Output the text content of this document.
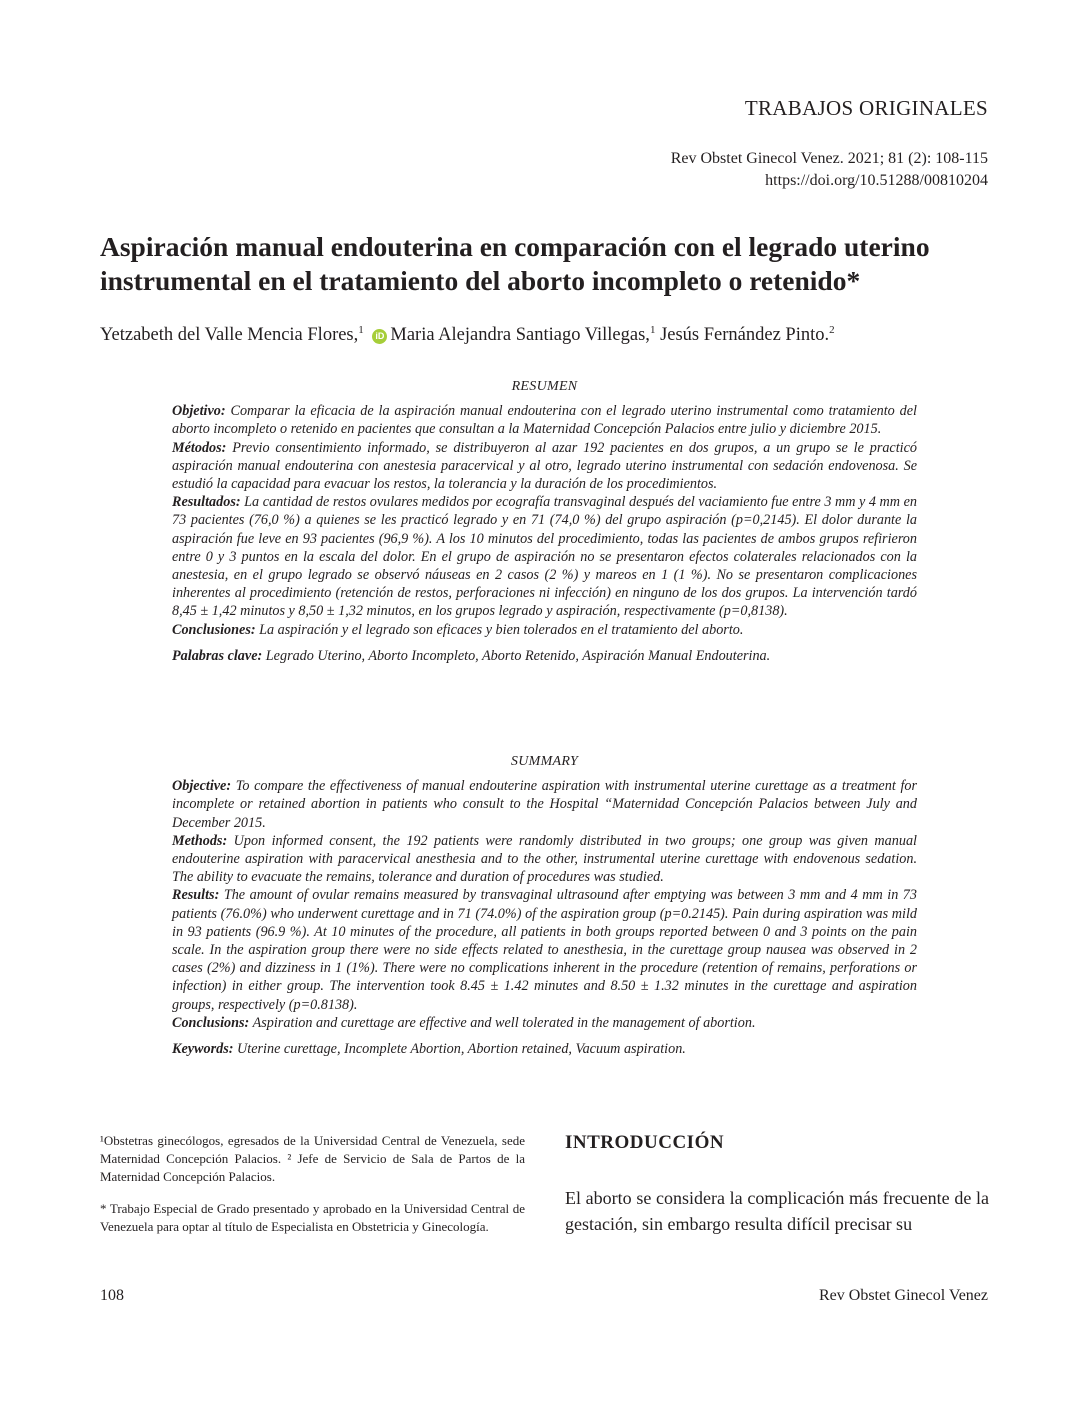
TRABAJOS ORIGINALES
Rev Obstet Ginecol Venez. 2021; 81 (2): 108-115
https://doi.org/10.51288/00810204
Aspiración manual endouterina en comparación con el legrado uterino instrumental en el tratamiento del aborto incompleto o retenido*
Yetzabeth del Valle Mencia Flores,$^1$ iD Maria Alejandra Santiago Villegas,$^1$ Jesús Fernández Pinto.$^2$

RESUMEN

Objetivo: Comparar la eficacia de la aspiración manual endouterina con el legrado uterino instrumental como tratamiento del aborto incompleto o retenido en pacientes que consultan a la Maternidad Concepción Palacios entre julio y diciembre 2015.

Métodos: Previo consentimiento informado, se distribuyeron al azar 192 pacientes en dos grupos, a un grupo se le practicó aspiración manual endouterina con anestesia paracervical y al otro, legrado uterino instrumental con sedación endovenosa. Se estudió la capacidad para evacuar los restos, la tolerancia y la duración de los procedimientos.

Resultados: La cantidad de restos ovulares medidos por ecografía transvaginal después del vaciamiento fue entre 3 mm y 4 mm en 73 pacientes (76,0 %) a quienes se les practicó legrado y en 71 (74,0 %) del grupo aspiración (p=0,2145). El dolor durante la aspiración fue leve en 93 pacientes (96,9 %). A los 10 minutos del procedimiento, todas las pacientes de ambos grupos refirieron entre 0 y 3 puntos en la escala del dolor. En el grupo de aspiración no se presentaron efectos colaterales relacionados con la anestesia, en el grupo legrado se observó náuseas en 2 casos (2 %) y mareos en 1 (1 %). No se presentaron complicaciones inherentes al procedimiento (retención de restos, perforaciones ni infección) en ninguno de los dos grupos. La intervención tardó 8,45 ± 1,42 minutos y 8,50 ± 1,32 minutos, en los grupos legrado y aspiración, respectivamente (p=0,8138).

Conclusiones: La aspiración y el legrado son eficaces y bien tolerados en el tratamiento del aborto.

Palabras clave: Legrado Uterino, Aborto Incompleto, Aborto Retenido, Aspiración Manual Endouterina.

SUMMARY

Objective: To compare the effectiveness of manual endouterine aspiration with instrumental uterine curettage as a treatment for incomplete or retained abortion in patients who consult to the Hospital “Maternidad Concepción Palacios between July and December 2015.

Methods: Upon informed consent, the 192 patients were randomly distributed in two groups; one group was given manual endouterine aspiration with paracervical anesthesia and to the other, instrumental uterine curettage with endovenous sedation. The ability to evacuate the remains, tolerance and duration of procedures was studied.

Results: The amount of ovular remains measured by transvaginal ultrasound after emptying was between 3 mm and 4 mm in 73 patients (76.0%) who underwent curettage and in 71 (74.0%) of the aspiration group (p=0.2145). Pain during aspiration was mild in 93 patients (96.9 %). At 10 minutes of the procedure, all patients in both groups reported between 0 and 3 points on the pain scale. In the aspiration group there were no side effects related to anesthesia, in the curettage group nausea was observed in 2 cases (2%) and dizziness in 1 (1%). There were no complications inherent in the procedure (retention of remains, perforations or infection) in either group. The intervention took 8.45 ± 1.42 minutes and 8.50 ± 1.32 minutes in the curettage and aspiration groups, respectively (p=0.8138).

Conclusions: Aspiration and curettage are effective and well tolerated in the management of abortion.

Keywords: Uterine curettage, Incomplete Abortion, Abortion retained, Vacuum aspiration.

¹Obstetras ginecólogos, egresados de la Universidad Central de Venezuela, sede Maternidad Concepción Palacios. ² Jefe de Servicio de Sala de Partos de la Maternidad Concepción Palacios.

* Trabajo Especial de Grado presentado y aprobado en la Universidad Central de Venezuela para optar al título de Especialista en Obstetricia y Ginecología.

INTRODUCCIÓN
El aborto se considera la complicación más frecuente de la gestación, sin embargo resulta difícil precisar su
108	Rev Obstet Ginecol Venez
